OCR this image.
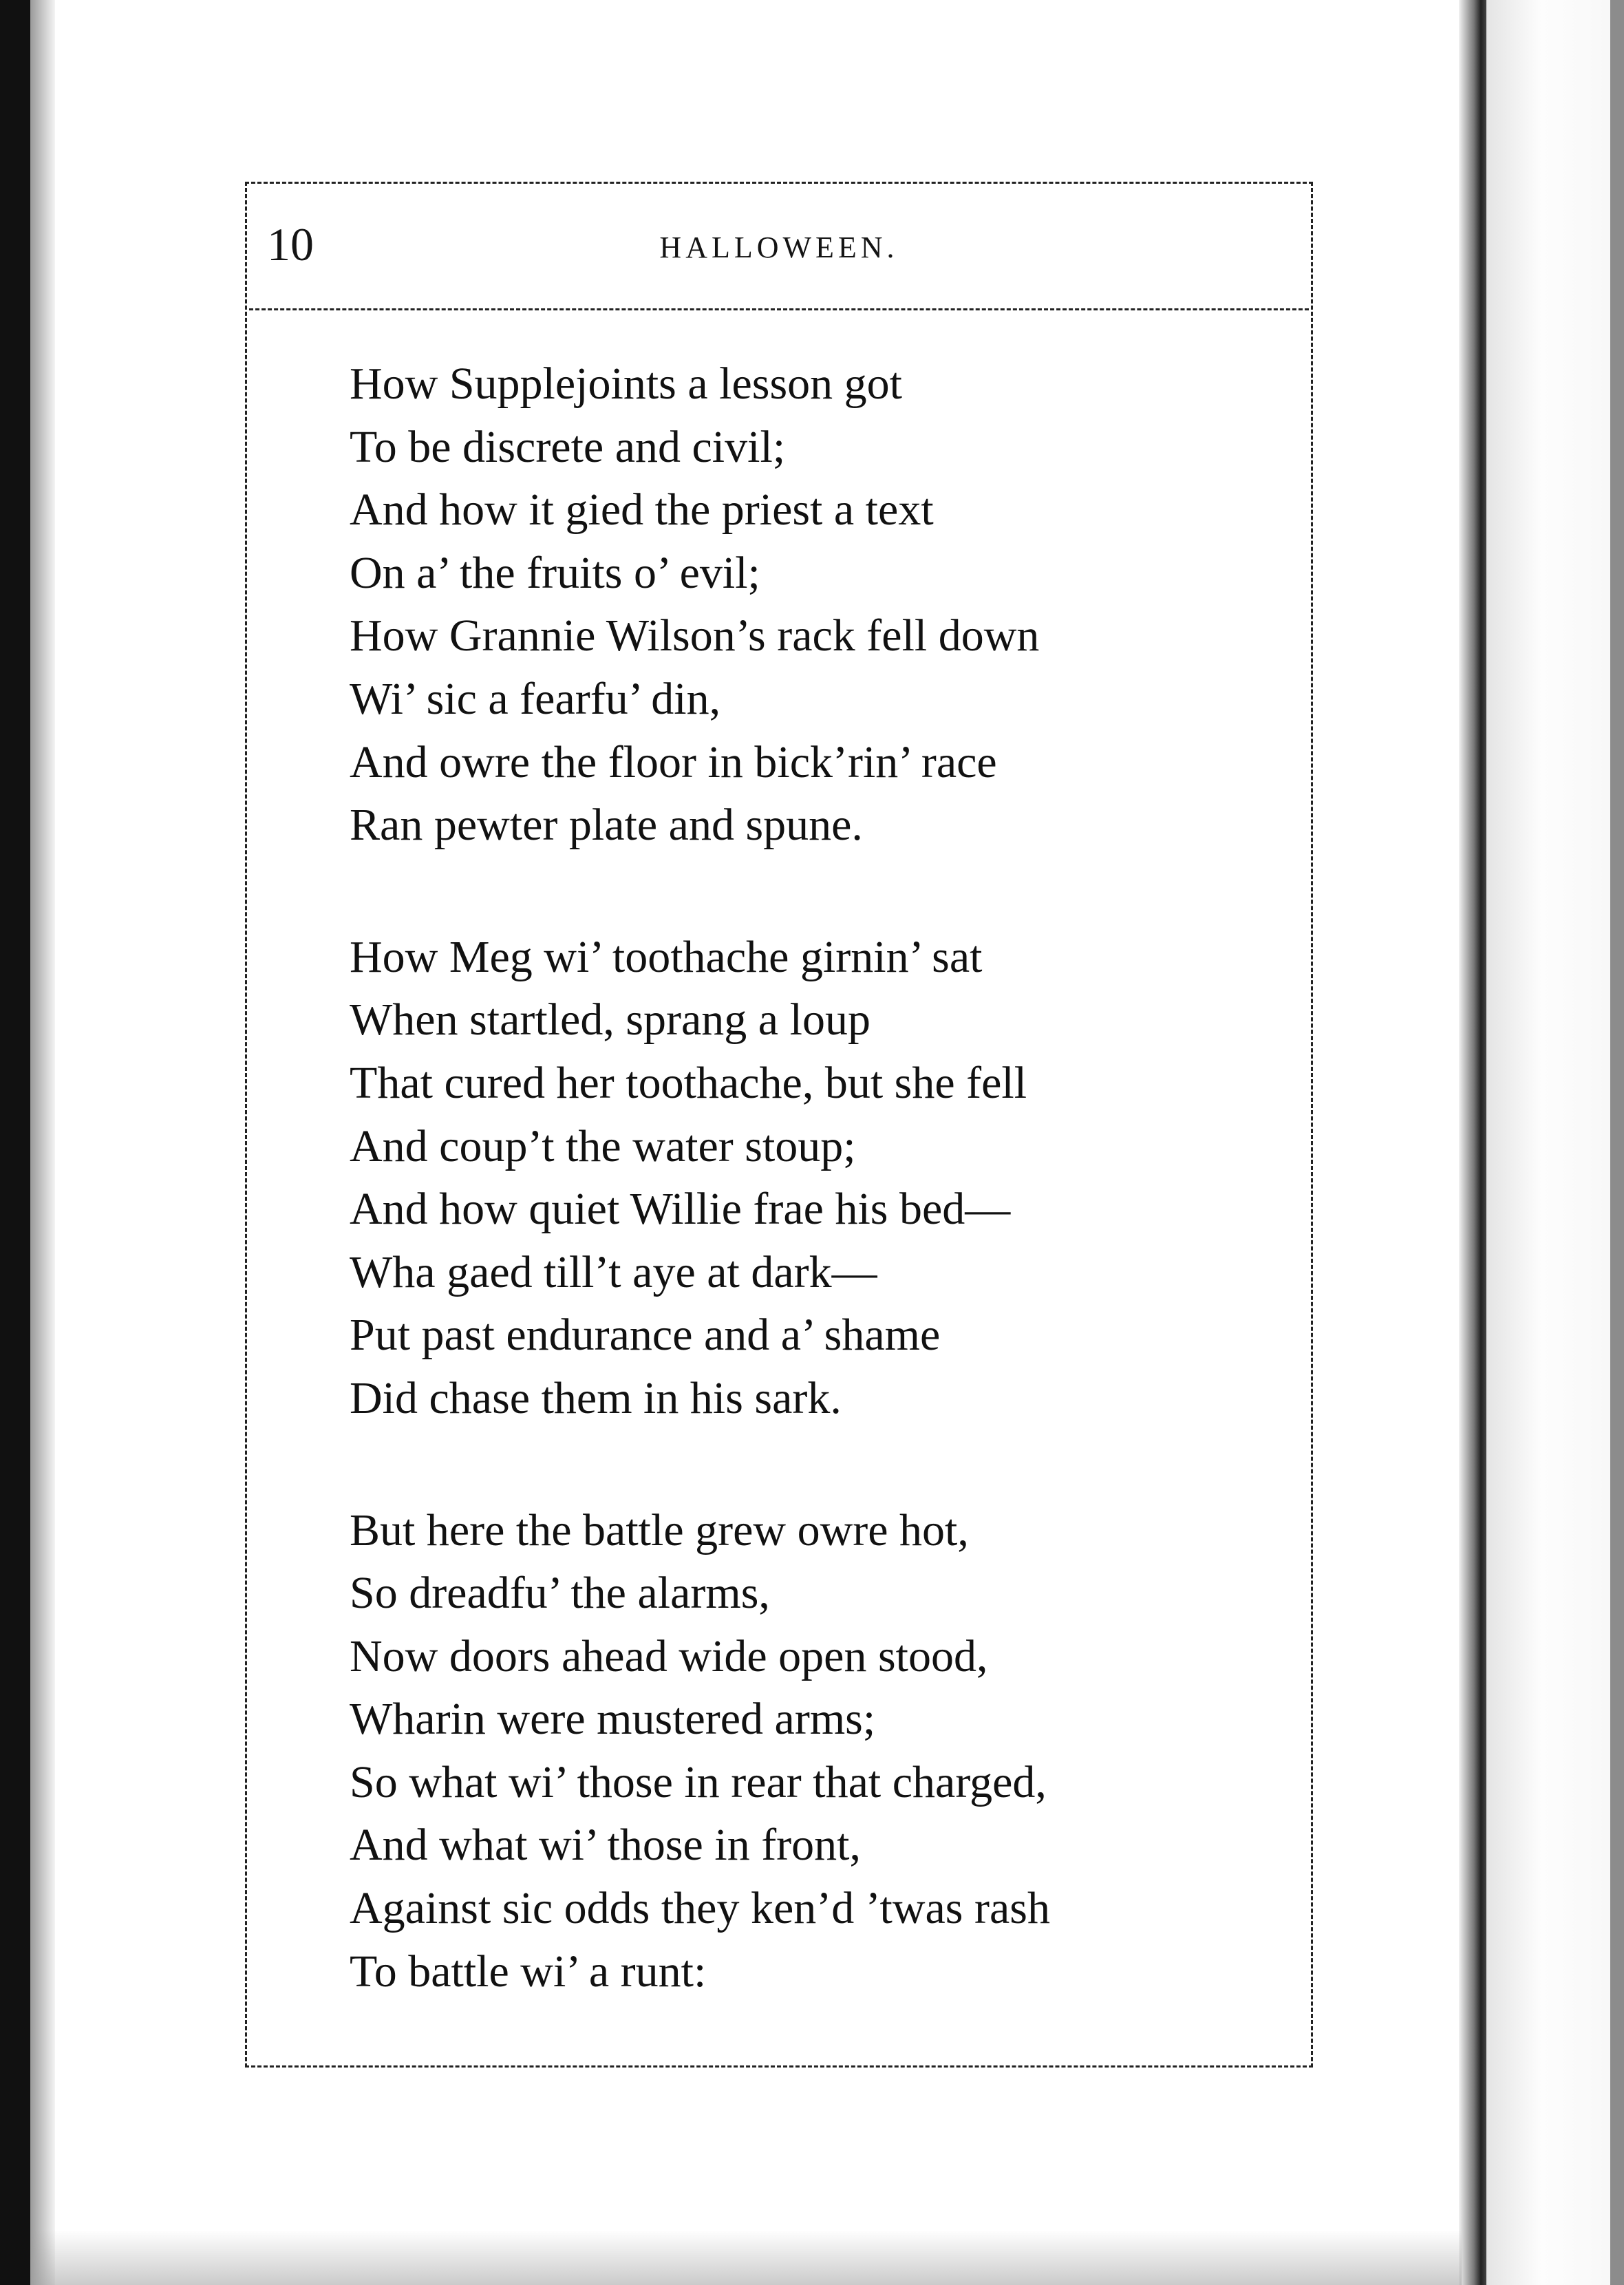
10	HALLOWEEN.
How Supplejoints a lesson got
To be discrete and civil;
And how it gied the priest a text
On a’ the fruits o’ evil;
How Grannie Wilson’s rack fell down
Wi’ sic a fearfu’ din,
And owre the floor in bick’rin’ race
Ran pewter plate and spune.
How Meg wi’ toothache girnin’ sat
When startled, sprang a loup
That cured her toothache, but she fell
And coup’t the water stoup;
And how quiet Willie frae his bed—
Wha gaed till’t aye at dark—
Put past endurance and a’ shame
Did chase them in his sark.
But here the battle grew owre hot,
So dreadfu’ the alarms,
Now doors ahead wide open stood,
Wharin were mustered arms;
So what wi’ those in rear that charged,
And what wi’ those in front,
Against sic odds they ken’d ’twas rash
To battle wi’ a runt:
